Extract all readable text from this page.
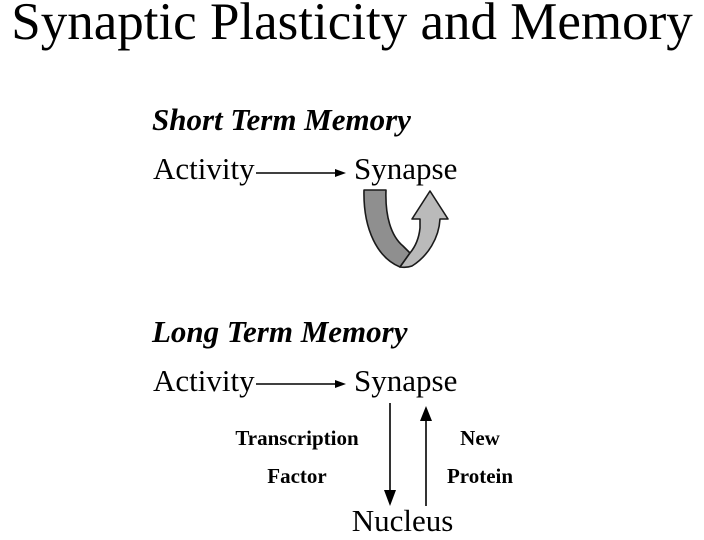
Synaptic Plasticity and Memory
Short Term Memory
Activity	Synapse
Long Term Memory
Activity	Synapse
Transcription
Factor
New
Protein
Nucleus
